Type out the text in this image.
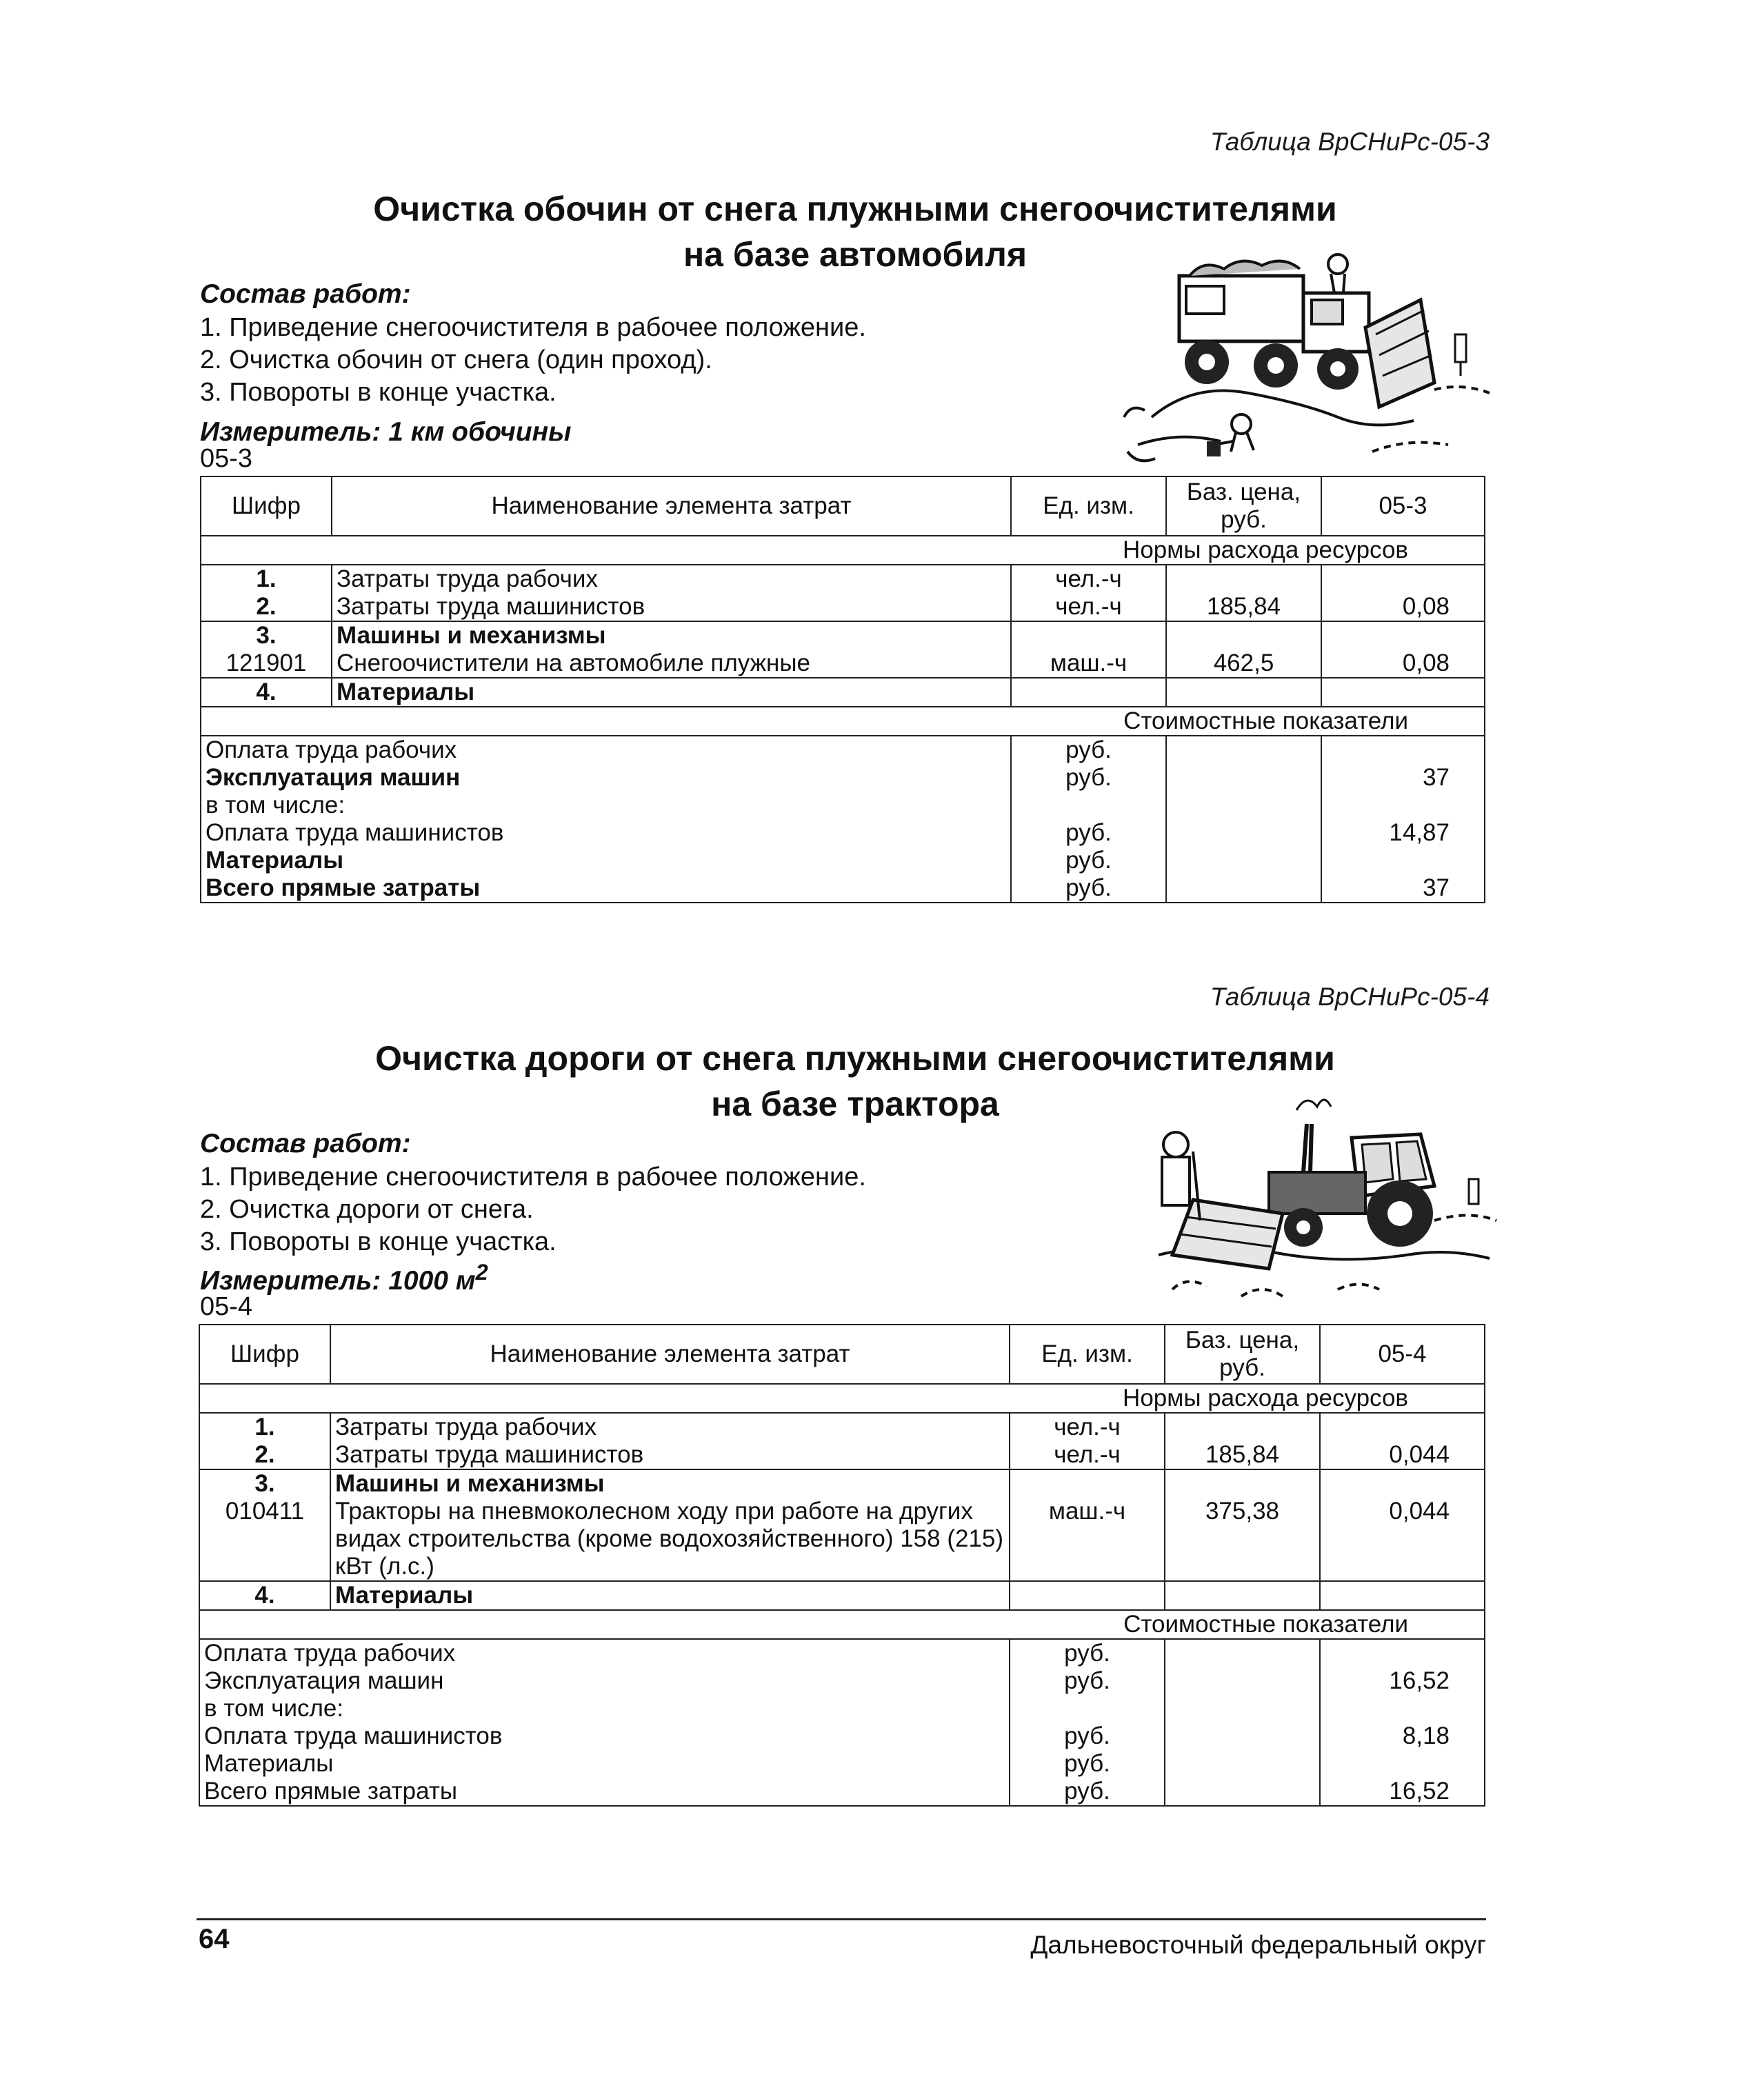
Таблица ВрСНиРс-05-3
Очистка обочин от снега плужными снегоочистителями
на базе автомобиля
Состав работ:
1. Приведение снегоочистителя в рабочее положение.
2. Очистка обочин от снега (один проход).
3. Повороты в конце участка.
Измеритель: 1 км обочины
05-3
Шифр	Наименование элемента затрат	Ед. изм.	Баз. цена, руб.	05-3
Нормы расхода ресурсов				
1.	Затраты труда рабочих	чел.-ч		
2.	Затраты труда машинистов	чел.-ч	185,84	0,08
3.	Машины и механизмы			
121901	Снегоочистители на автомобиле плужные	маш.-ч	462,5	0,08
4.	Материалы			
Стоимостные показатели				
Оплата труда рабочих		руб.		
Эксплуатация машин		руб.		37
в том числе:				
Оплата труда машинистов		руб.		14,87
Материалы		руб.		
Всего прямые затраты		руб.		37
Таблица ВрСНиРс-05-4
Очистка дороги от снега плужными снегоочистителями
на базе трактора
Состав работ:
1. Приведение снегоочистителя в рабочее положение.
2. Очистка дороги от снега.
3. Повороты в конце участка.
Измеритель: 1000 $м^2$
05-4
Шифр	Наименование элемента затрат	Ед. изм.	Баз. цена, руб.	05-4
Нормы расхода ресурсов				
1.	Затраты труда рабочих	чел.-ч		
2.	Затраты труда машинистов	чел.-ч	185,84	0,044
3.	Машины и механизмы			
010411	Тракторы на пневмоколесном ходу при работе на других видах строительства (кроме водохозяйственного) 158 (215) кВт (л.с.)	маш.-ч	375,38	0,044
4.	Материалы			
Стоимостные показатели				
Оплата труда рабочих		руб.		
Эксплуатация машин		руб.		16,52
в том числе:				
Оплата труда машинистов		руб.		8,18
Материалы		руб.		
Всего прямые затраты		руб.		16,52
64	Дальневосточный федеральный округ
